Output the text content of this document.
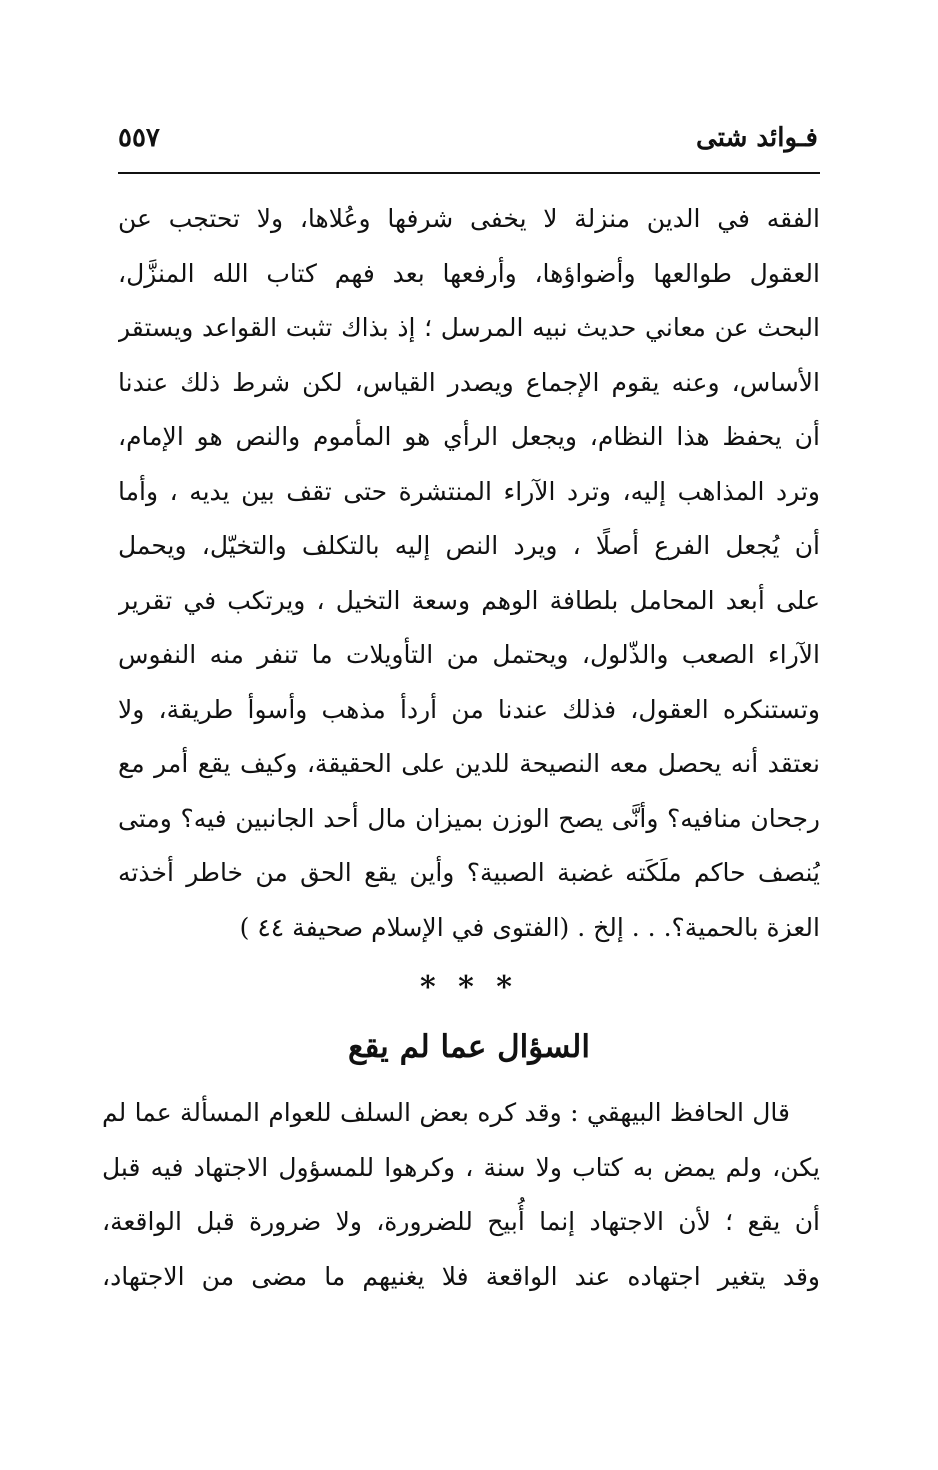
فـوائد شتى
٥٥٧
الفقه في الدين منزلة لا يخفى شرفها وعُلاها، ولا تحتجب عن
العقول طوالعها وأضواؤها، وأرفعها بعد فهم كتاب الله المنزَّل،
البحث عن معاني حديث نبيه المرسل ؛ إذ بذاك تثبت القواعد ويستقر
الأساس، وعنه يقوم الإجماع ويصدر القياس، لكن شرط ذلك عندنا
أن يحفظ هذا النظام، ويجعل الرأي هو المأموم والنص هو الإمام،
وترد المذاهب إليه، وترد الآراء المنتشرة حتى تقف بين يديه ، وأما
أن يُجعل الفرع أصلًا ، ويرد النص إليه بالتكلف والتخيّل، ويحمل
على أبعد المحامل بلطافة الوهم وسعة التخيل ، ويرتكب في تقرير
الآراء الصعب والذّلول، ويحتمل من التأويلات ما تنفر منه النفوس
وتستنكره العقول، فذلك عندنا من أردأ مذهب وأسوأ طريقة، ولا
نعتقد أنه يحصل معه النصيحة للدين على الحقيقة، وكيف يقع أمر مع
رجحان منافيه؟ وأنَّى يصح الوزن بميزان مال أحد الجانبين فيه؟ ومتى
يُنصف حاكم ملَكَته غضبة الصبية؟ وأين يقع الحق من خاطر أخذته
العزة بالحمية؟. . . إلخ . (الفتوى في الإسلام صحيفة ٤٤ )
* * *
السؤال عما لم يقع
قال الحافظ البيهقي : وقد كره بعض السلف للعوام المسألة عما لم
يكن، ولم يمض به كتاب ولا سنة ، وكرهوا للمسؤول الاجتهاد فيه قبل
أن يقع ؛ لأن الاجتهاد إنما أُبيح للضرورة، ولا ضرورة قبل الواقعة،
وقد يتغير اجتهاده عند الواقعة فلا يغنيهم ما مضى من الاجتهاد،
